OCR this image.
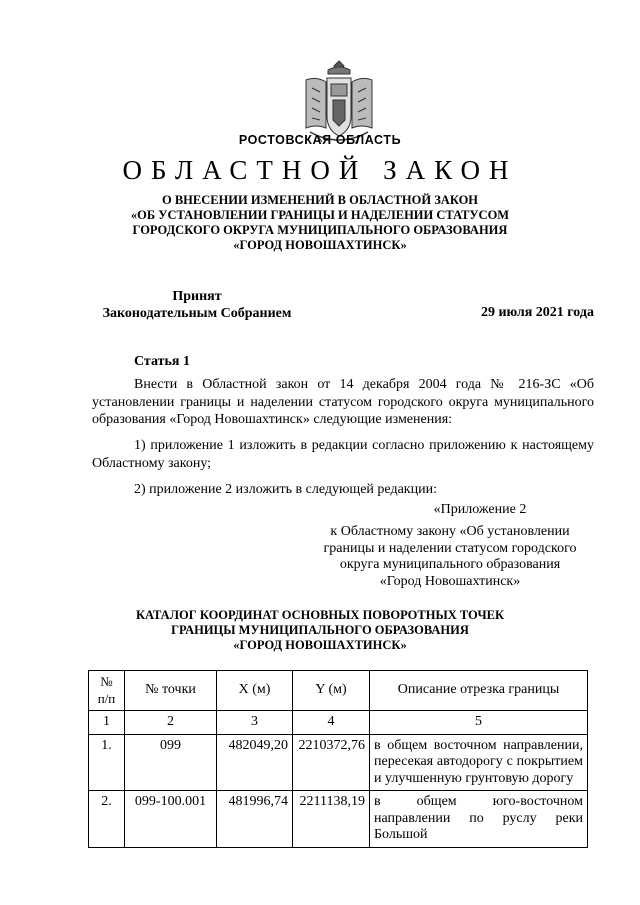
РОСТОВСКАЯ ОБЛАСТЬ
ОБЛАСТНОЙ ЗАКОН
О ВНЕСЕНИИ ИЗМЕНЕНИЙ В ОБЛАСТНОЙ ЗАКОН
«ОБ УСТАНОВЛЕНИИ ГРАНИЦЫ И НАДЕЛЕНИИ СТАТУСОМ
ГОРОДСКОГО ОКРУГА МУНИЦИПАЛЬНОГО ОБРАЗОВАНИЯ
«ГОРОД НОВОШАХТИНСК»
Принят
Законодательным Собранием	29 июля 2021 года
Статья 1
Внести в Областной закон от 14 декабря 2004 года № 216-ЗС «Об установлении границы и наделении статусом городского округа муниципального образования «Город Новошахтинск» следующие изменения:
1) приложение 1 изложить в редакции согласно приложению к настоящему Областному закону;
2) приложение 2 изложить в следующей редакции:
«Приложение 2
к Областному закону «Об установлении
границы и наделении статусом городского
округа муниципального образования
«Город Новошахтинск»
КАТАЛОГ КООРДИНАТ ОСНОВНЫХ ПОВОРОТНЫХ ТОЧЕК
ГРАНИЦЫ МУНИЦИПАЛЬНОГО ОБРАЗОВАНИЯ
«ГОРОД НОВОШАХТИНСК»
№
п/п	№ точки	X (м)	Y (м)	Описание отрезка границы
1	2	3	4	5
1.	099	482049,20	2210372,76	в общем восточном направлении, пересекая автодорогу с покрытием и улучшенную грунтовую дорогу
2.	099-100.001	481996,74	2211138,19	в общем юго-восточном направлении по руслу реки Большой
